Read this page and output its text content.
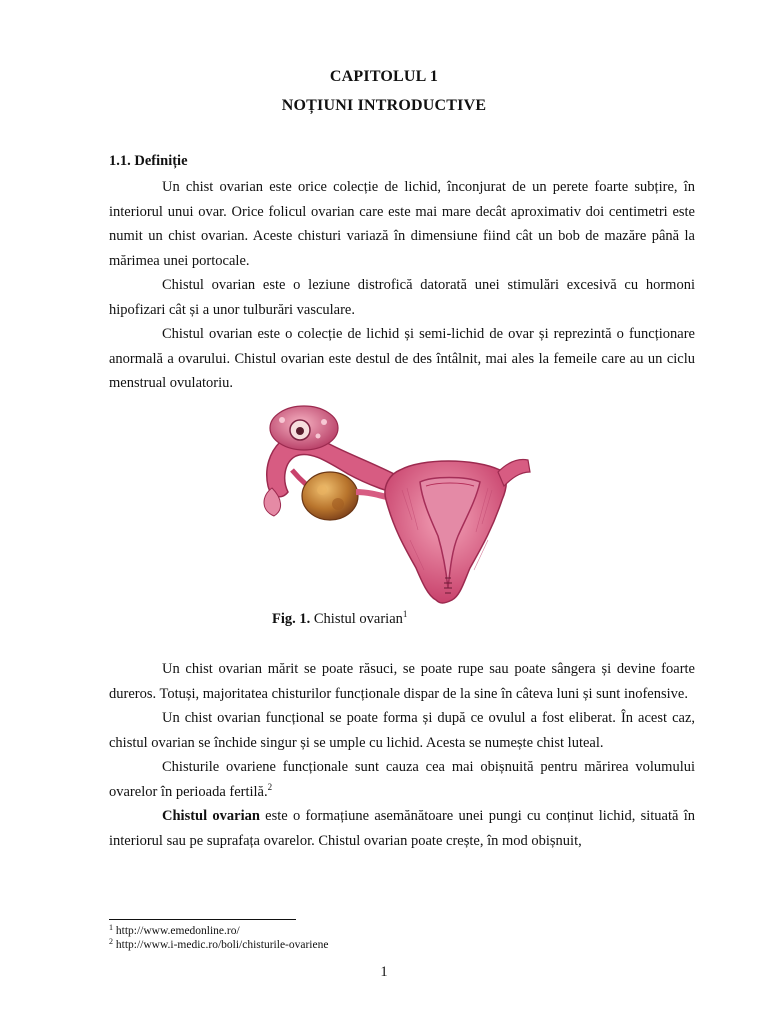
CAPITOLUL 1
NOȚIUNI INTRODUCTIVE
1.1. Definiție

Un chist ovarian este orice colecție de lichid, înconjurat de un perete foarte subțire, în interiorul unui ovar. Orice folicul ovarian care este mai mare decât aproximativ doi centimetri este numit un chist ovarian. Aceste chisturi variază în dimensiune fiind cât un bob de mazăre până la mărimea unei portocale.

Chistul ovarian este o leziune distrofică datorată unei stimulări excesivă cu hormoni hipofizari cât și a unor tulburări vasculare.

Chistul ovarian este o colecție de lichid și semi-lichid de ovar și reprezintă o funcționare anormală a ovarului. Chistul ovarian este destul de des întâlnit, mai ales la femeile care au un ciclu menstrual ovulatoriu.

Fig. 1. Chistul ovarian$^1$

Un chist ovarian mărit se poate răsuci, se poate rupe sau poate sângera și devine foarte dureros. Totuși, majoritatea chisturilor funcționale dispar de la sine în câteva luni și sunt inofensive.

Un chist ovarian funcțional se poate forma și după ce ovulul a fost eliberat. În acest caz, chistul ovarian se închide singur și se umple cu lichid. Acesta se numește chist luteal.

Chisturile ovariene funcționale sunt cauza cea mai obișnuită pentru mărirea volumului ovarelor în perioada fertilă.$^2$

Chistul ovarian este o formațiune asemănătoare unei pungi cu conținut lichid, situată în interiorul sau pe suprafața ovarelor. Chistul ovarian poate crește, în mod obișnuit,

$^1$ http://www.emedonline.ro/
$^2$ http://www.i-medic.ro/boli/chisturile-ovariene
1
